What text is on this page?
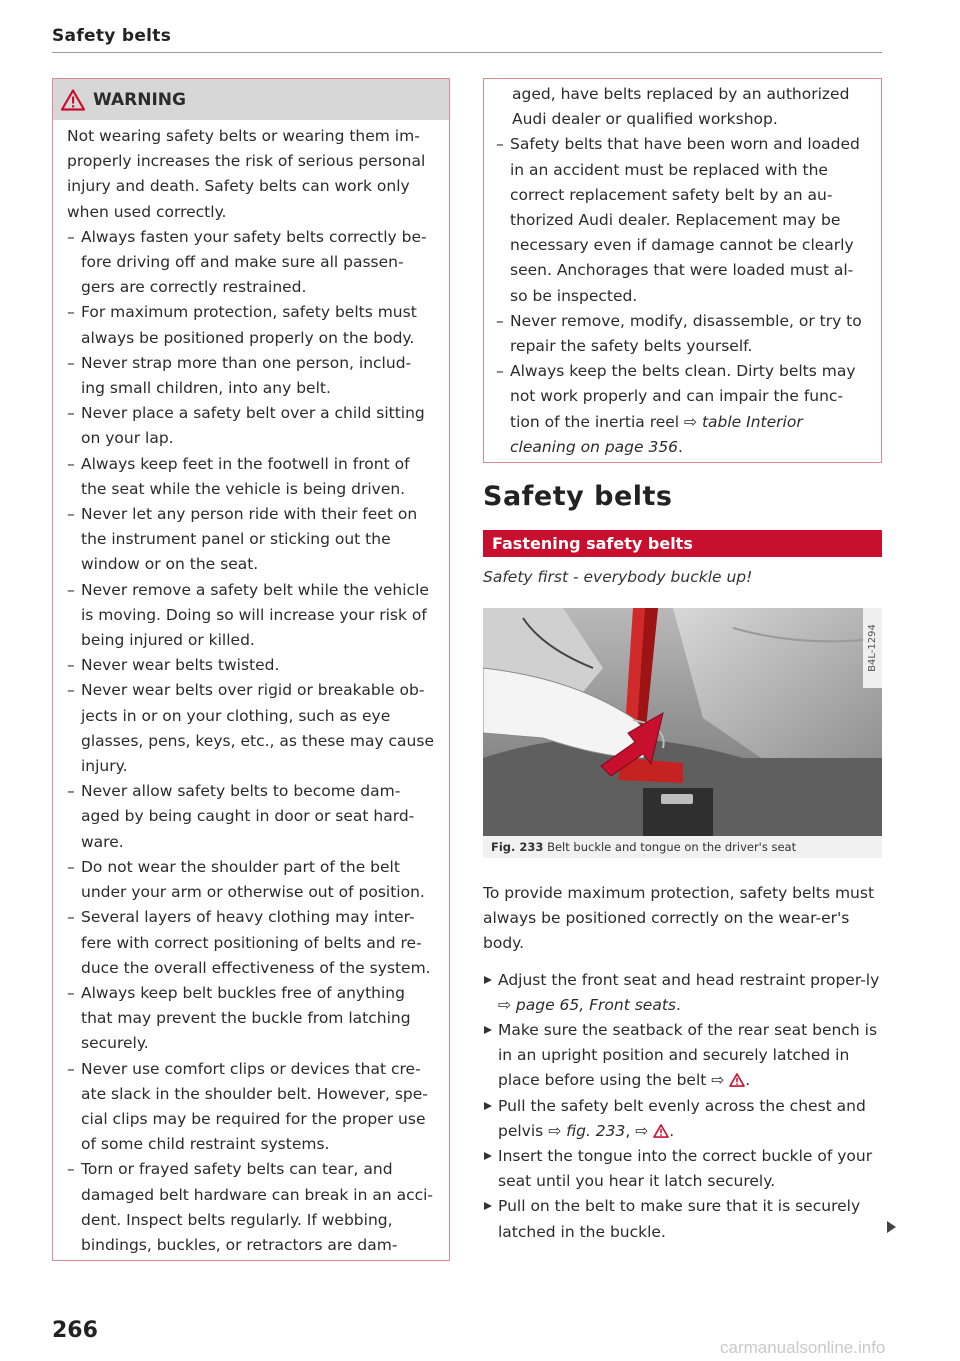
Safety belts
WARNING

Not wearing safety belts or wearing them im-properly increases the risk of serious personal injury and death. Safety belts can work only when used correctly.

– Always fasten your safety belts correctly be-fore driving off and make sure all passen-gers are correctly restrained.
– For maximum protection, safety belts must always be positioned properly on the body.
– Never strap more than one person, includ-ing small children, into any belt.
– Never place a safety belt over a child sitting on your lap.
– Always keep feet in the footwell in front of the seat while the vehicle is being driven.
– Never let any person ride with their feet on the instrument panel or sticking out the window or on the seat.
– Never remove a safety belt while the vehicle is moving. Doing so will increase your risk of being injured or killed.
– Never wear belts twisted.
– Never wear belts over rigid or breakable ob-jects in or on your clothing, such as eye glasses, pens, keys, etc., as these may cause injury.
– Never allow safety belts to become dam-aged by being caught in door or seat hard-ware.
– Do not wear the shoulder part of the belt under your arm or otherwise out of position.
– Several layers of heavy clothing may inter-fere with correct positioning of belts and re-duce the overall effectiveness of the system.
– Always keep belt buckles free of anything that may prevent the buckle from latching securely.
– Never use comfort clips or devices that cre-ate slack in the shoulder belt. However, spe-cial clips may be required for the proper use of some child restraint systems.
– Torn or frayed safety belts can tear, and damaged belt hardware can break in an acci-dent. Inspect belts regularly. If webbing, bindings, buckles, or retractors are dam-

aged, have belts replaced by an authorized Audi dealer or qualified workshop.

– Safety belts that have been worn and loaded in an accident must be replaced with the correct replacement safety belt by an au-thorized Audi dealer. Replacement may be necessary even if damage cannot be clearly seen. Anchorages that were loaded must al-so be inspected.
– Never remove, modify, disassemble, or try to repair the safety belts yourself.
– Always keep the belts clean. Dirty belts may not work properly and can impair the func-tion of the inertia reel ⇨ table Interior cleaning on page 356.
Safety belts
Fastening safety belts
Safety first - everybody buckle up!
B4L-1294
Fig. 233 Belt buckle and tongue on the driver's seat

To provide maximum protection, safety belts must always be positioned correctly on the wear-er's body.

Adjust the front seat and head restraint proper-ly ⇨ page 65, Front seats.
Make sure the seatback of the rear seat bench is in an upright position and securely latched in place before using the belt ⇨ .
Pull the safety belt evenly across the chest and pelvis ⇨ fig. 233, ⇨ .
Insert the tongue into the correct buckle of your seat until you hear it latch securely.
Pull on the belt to make sure that it is securely latched in the buckle.
266
carmanualsonline.info
